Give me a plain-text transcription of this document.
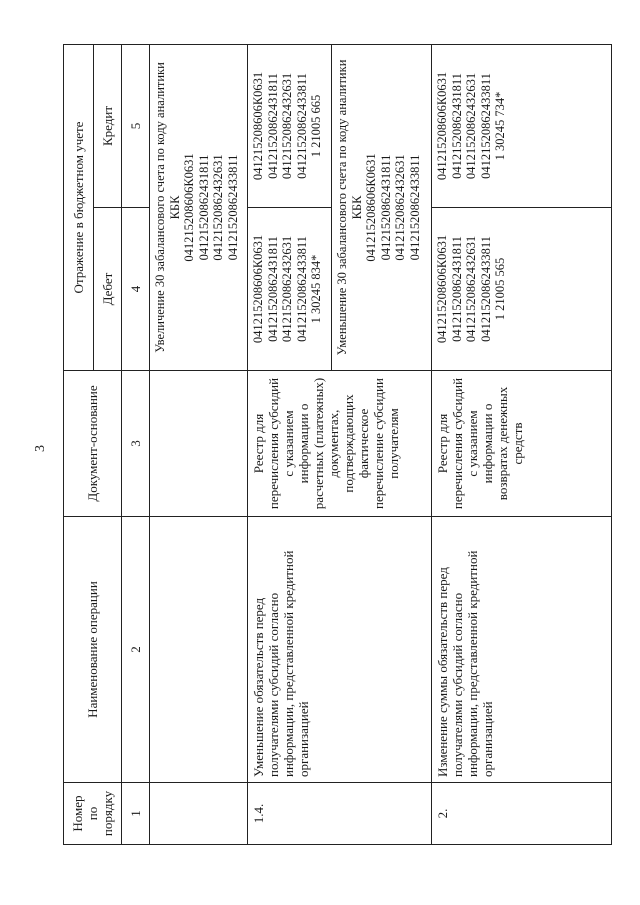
3
Номер по порядку	Наименование операции	Документ-основание	Отражение в бюджетном учете	
			Дебет	Кредит
1	2	3	4	5

			Увеличение 30 забалансового счета по коду аналитики КБК 041215208606К0631 041215208624З1811 041215208624З2631 041215208624З3811	

1.4.	Уменьшение обязательств перед получателями субсидий согласно информации, представленной кредитной организацией	Реестр для перечисления субсидий с указанием информации о расчетных (платежных) документах, подтверждающих фактическое перечисление субсидии получателям	041215208606К0631 041215208624З1811 041215208624З2631 041215208624З3811 1 30245 834*	041215208606К0631 041215208624З1811 041215208624З2631 041215208624З3811 1 21005 665

			Уменьшение 30 забалансового счета по коду аналитики КБК 041215208606К0631 041215208624З1811 041215208624З2631 041215208624З3811	

2.	Изменение суммы обязательств перед получателями субсидий согласно информации, представленной кредитной организацией	Реестр для перечисления субсидий с указанием информации о возвратах денежных средств	041215208606К0631 041215208624З1811 041215208624З2631 041215208624З3811 1 21005 565	041215208606К0631 041215208624З1811 041215208624З2631 041215208624З3811 1 30245 734*
